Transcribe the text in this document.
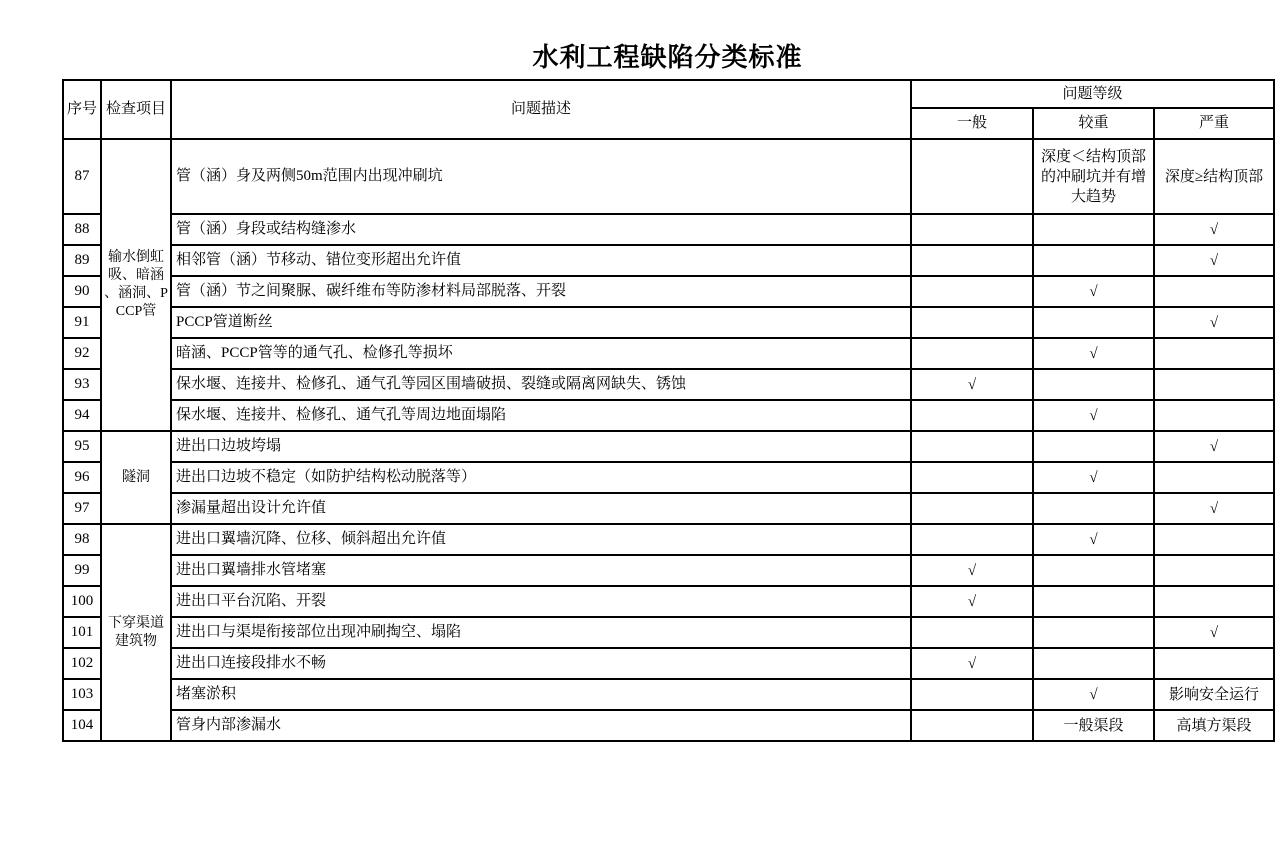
水利工程缺陷分类标准
序号	检查项目	问题描述	问题等级		
			一般	较重	严重
87	输水倒虹吸、暗涵、涵洞、PCCP管	管（涵）身及两侧50m范围内出现冲刷坑		深度＜结构顶部的冲刷坑并有增大趋势	深度≥结构顶部
88		管（涵）身段或结构缝渗水			√
89		相邻管（涵）节移动、错位变形超出允许值			√
90		管（涵）节之间聚脲、碳纤维布等防渗材料局部脱落、开裂		√	
91		PCCP管道断丝			√
92		暗涵、PCCP管等的通气孔、检修孔等损坏		√	
93		保水堰、连接井、检修孔、通气孔等园区围墙破损、裂缝或隔离网缺失、锈蚀	√		
94		保水堰、连接井、检修孔、通气孔等周边地面塌陷		√	
95	隧洞	进出口边坡垮塌			√
96		进出口边坡不稳定（如防护结构松动脱落等）		√	
97		渗漏量超出设计允许值			√
98	下穿渠道建筑物	进出口翼墙沉降、位移、倾斜超出允许值		√	
99		进出口翼墙排水管堵塞	√		
100		进出口平台沉陷、开裂	√		
101		进出口与渠堤衔接部位出现冲刷掏空、塌陷			√
102		进出口连接段排水不畅	√		
103		堵塞淤积		√	影响安全运行
104		管身内部渗漏水		一般渠段	高填方渠段
